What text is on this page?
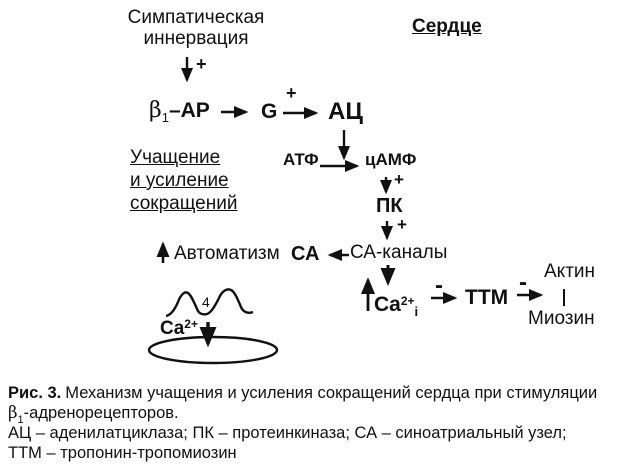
Симпатическая
иннервация
+
Сердце
$\beta_1-АР$ G
+
АЦ
Учащение
и усиление
сокращений
АТФ	цАМФ
+
ПК
+
СА-каналы
Автоматизм СА
$Ca^{2+}_i$
- ТТМ
- Актин
Миозин
4
$Ca^{2+}$
Рис. 3. Механизм учащения и усиления сокращений сердца при стимуляции
$\beta_1$-адренорецепторов.
АЦ – аденилатциклаза; ПК – протеинкиназа; СА – синоатриальный узел;
ТТМ – тропонин-тропомиозин
